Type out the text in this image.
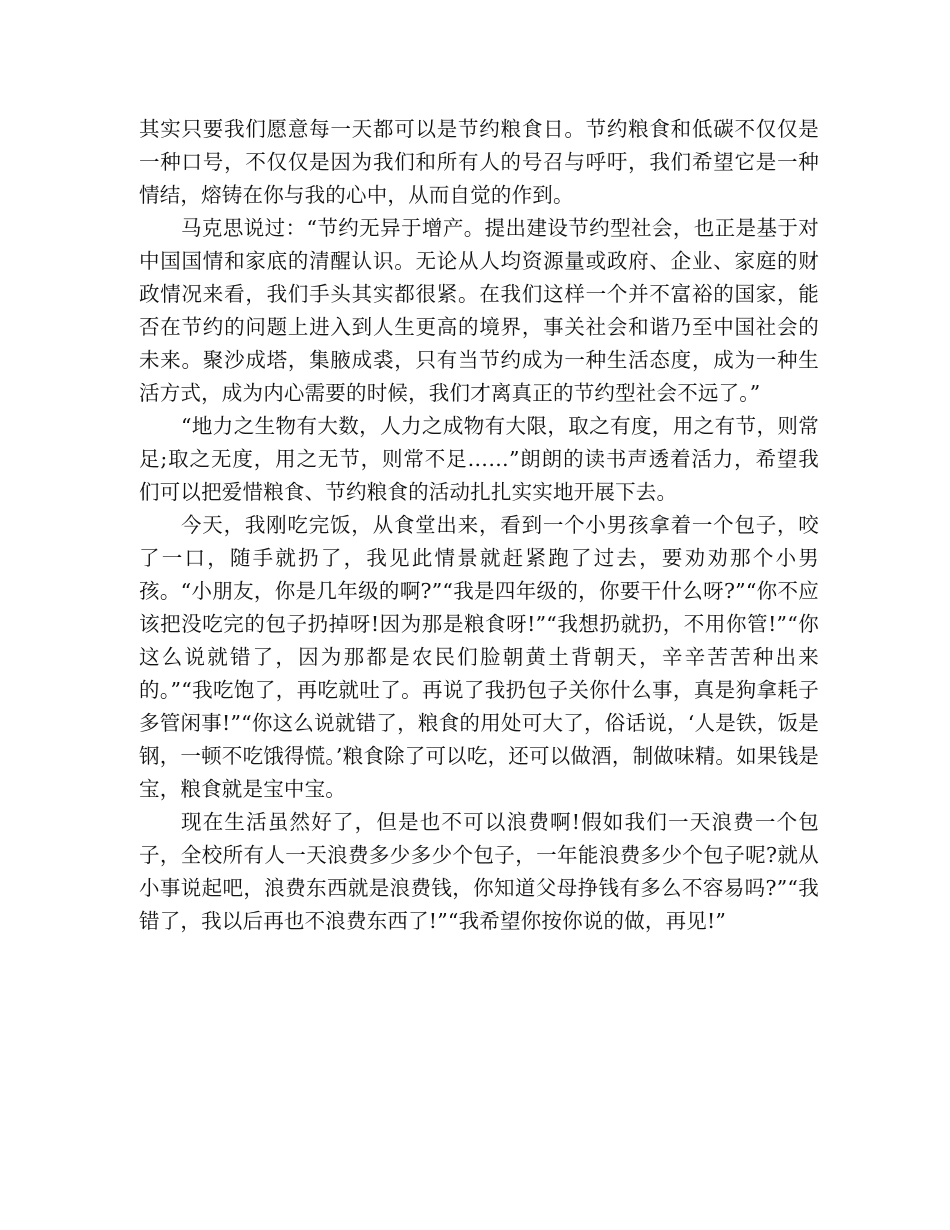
其实只要我们愿意每一天都可以是节约粮食日。节约粮食和低碳不仅仅是一种口号，不仅仅是因为我们和所有人的号召与呼吁，我们希望它是一种情结，熔铸在你与我的心中，从而自觉的作到。

马克思说过：“节约无异于增产。提出建设节约型社会，也正是基于对中国国情和家底的清醒认识。无论从人均资源量或政府、企业、家庭的财政情况来看，我们手头其实都很紧。在我们这样一个并不富裕的国家，能否在节约的问题上进入到人生更高的境界，事关社会和谐乃至中国社会的未来。聚沙成塔，集腋成裘，只有当节约成为一种生活态度，成为一种生活方式，成为内心需要的时候，我们才离真正的节约型社会不远了。”

“地力之生物有大数，人力之成物有大限，取之有度，用之有节，则常足;取之无度，用之无节，则常不足……”朗朗的读书声透着活力，希望我们可以把爱惜粮食、节约粮食的活动扎扎实实地开展下去。

今天，我刚吃完饭，从食堂出来，看到一个小男孩拿着一个包子，咬了一口，随手就扔了，我见此情景就赶紧跑了过去，要劝劝那个小男孩。“小朋友，你是几年级的啊?”“我是四年级的，你要干什么呀?”“你不应该把没吃完的包子扔掉呀!因为那是粮食呀!”“我想扔就扔，不用你管!”“你这么说就错了，因为那都是农民们脸朝黄土背朝天，辛辛苦苦种出来的。”“我吃饱了，再吃就吐了。再说了我扔包子关你什么事，真是狗拿耗子多管闲事!”“你这么说就错了，粮食的用处可大了，俗话说，‘人是铁，饭是钢，一顿不吃饿得慌。’粮食除了可以吃，还可以做酒，制做味精。如果钱是宝，粮食就是宝中宝。

现在生活虽然好了，但是也不可以浪费啊!假如我们一天浪费一个包子，全校所有人一天浪费多少多少个包子，一年能浪费多少个包子呢?就从小事说起吧，浪费东西就是浪费钱，你知道父母挣钱有多么不容易吗?”“我错了，我以后再也不浪费东西了!”“我希望你按你说的做，再见!”
